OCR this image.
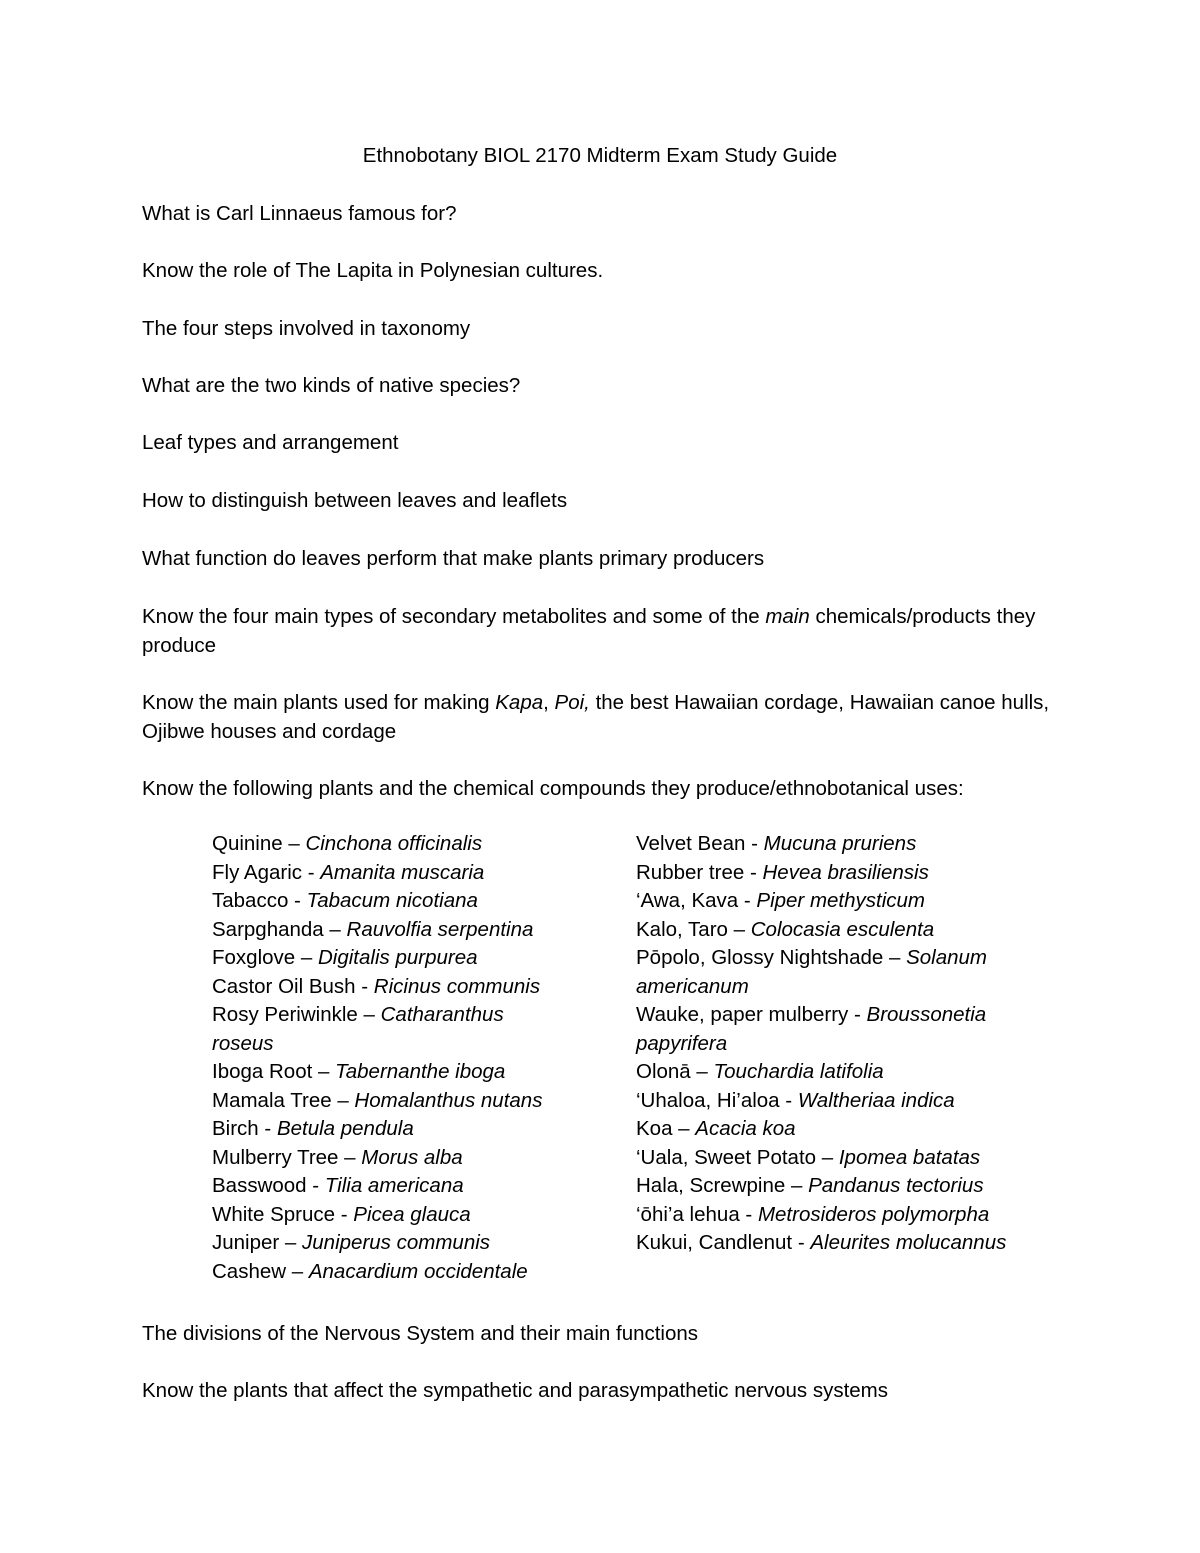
Ethnobotany BIOL 2170 Midterm Exam Study Guide

What is Carl Linnaeus famous for?

Know the role of The Lapita in Polynesian cultures.

The four steps involved in taxonomy

What are the two kinds of native species?

Leaf types and arrangement

How to distinguish between leaves and leaflets

What function do leaves perform that make plants primary producers

Know the four main types of secondary metabolites and some of the main chemicals/products they produce

Know the main plants used for making Kapa, Poi, the best Hawaiian cordage, Hawaiian canoe hulls, Ojibwe houses and cordage

Know the following plants and the chemical compounds they produce/ethnobotanical uses:

Quinine – Cinchona officinalis
Fly Agaric - Amanita muscaria
Tabacco - Tabacum nicotiana
Sarpghanda – Rauvolfia serpentina
Foxglove – Digitalis purpurea
Castor Oil Bush - Ricinus communis
Rosy Periwinkle – Catharanthus roseus
Iboga Root – Tabernanthe iboga
Mamala Tree – Homalanthus nutans
Birch - Betula pendula
Mulberry Tree – Morus alba
Basswood - Tilia americana
White Spruce - Picea glauca
Juniper – Juniperus communis
Cashew – Anacardium occidentale
Velvet Bean - Mucuna pruriens
Rubber tree - Hevea brasiliensis
‘Awa, Kava - Piper methysticum
Kalo, Taro – Colocasia esculenta
Pōpolo, Glossy Nightshade – Solanum americanum
Wauke, paper mulberry - Broussonetia papyrifera
Olonā – Touchardia latifolia
‘Uhaloa, Hi’aloa - Waltheriaa indica
Koa – Acacia koa
‘Uala, Sweet Potato – Ipomea batatas
Hala, Screwpine – Pandanus tectorius
‘ōhi’a lehua - Metrosideros polymorpha
Kukui, Candlenut - Aleurites molucannus

The divisions of the Nervous System and their main functions

Know the plants that affect the sympathetic and parasympathetic nervous systems
